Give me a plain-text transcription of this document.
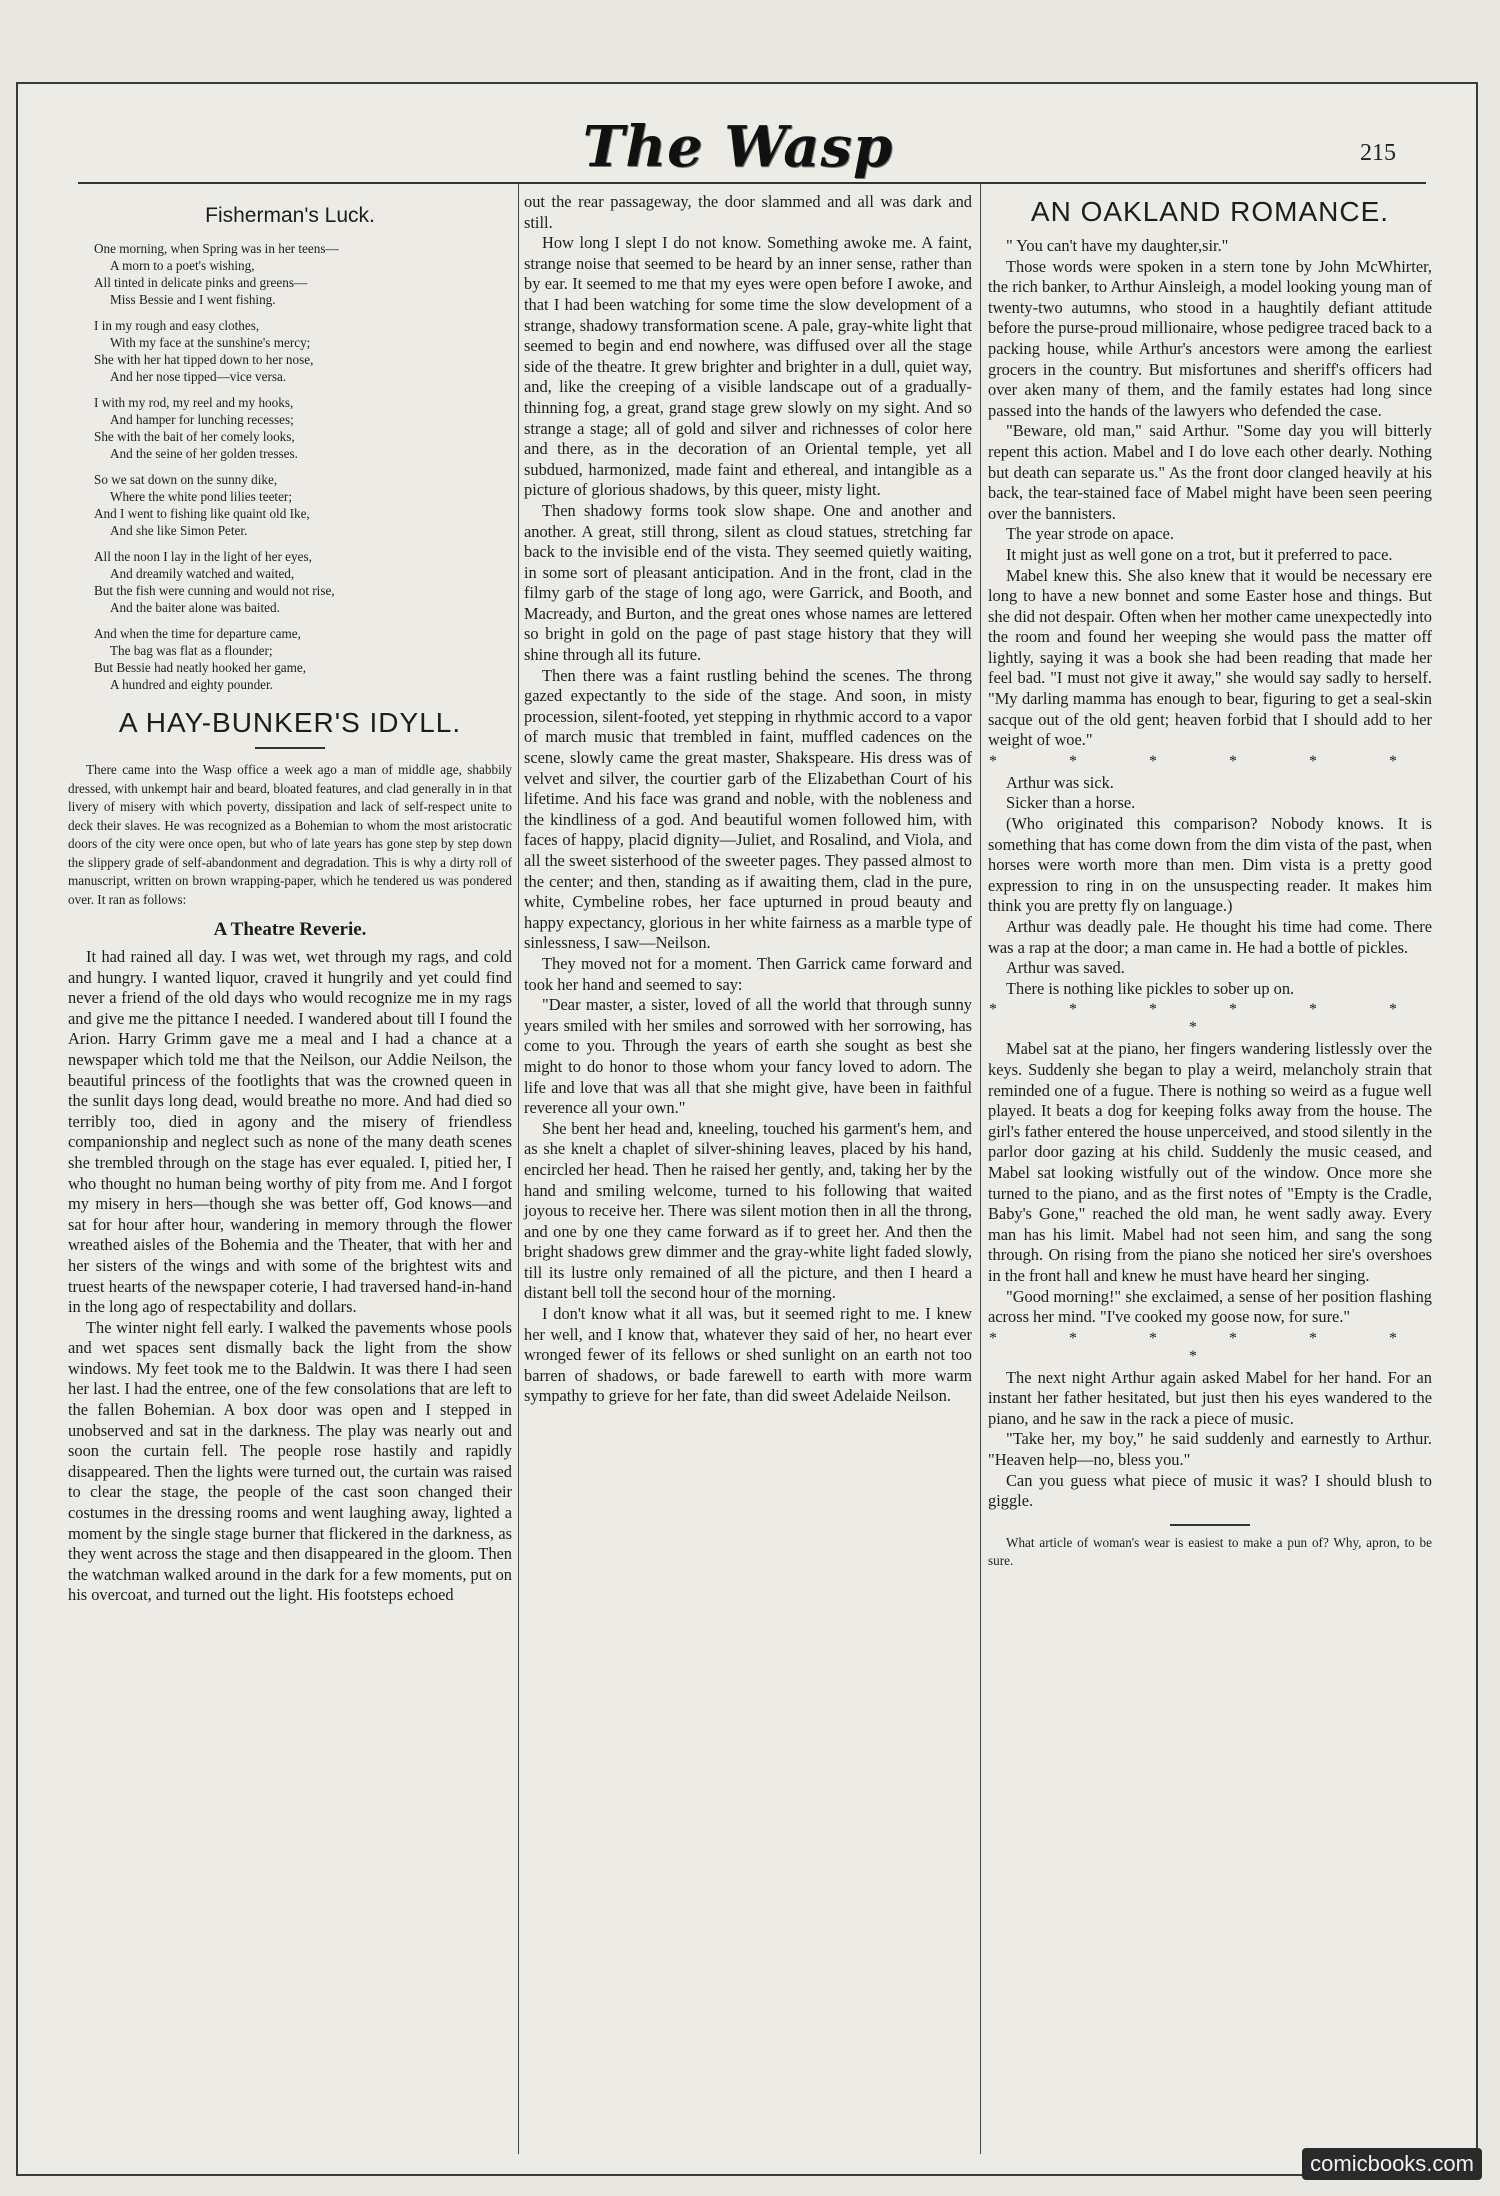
The Wasp	215
Fisherman's Luck.
One morning, when Spring was in her teens—
A morn to a poet's wishing,
All tinted in delicate pinks and greens—
Miss Bessie and I went fishing.
I in my rough and easy clothes,
With my face at the sunshine's mercy;
She with her hat tipped down to her nose,
And her nose tipped—vice versa.
I with my rod, my reel and my hooks,
And hamper for lunching recesses;
She with the bait of her comely looks,
And the seine of her golden tresses.
So we sat down on the sunny dike,
Where the white pond lilies teeter;
And I went to fishing like quaint old Ike,
And she like Simon Peter.
All the noon I lay in the light of her eyes,
And dreamily watched and waited,
But the fish were cunning and would not rise,
And the baiter alone was baited.
And when the time for departure came,
The bag was flat as a flounder;
But Bessie had neatly hooked her game,
A hundred and eighty pounder.
A HAY-BUNKER'S IDYLL.

There came into the Wasp office a week ago a man of middle age, shabbily dressed, with unkempt hair and beard, bloated features, and clad generally in in that livery of misery with which poverty, dissipation and lack of self-respect unite to deck their slaves. He was recognized as a Bohemian to whom the most aristocratic doors of the city were once open, but who of late years has gone step by step down the slippery grade of self-abandonment and degradation. This is why a dirty roll of manuscript, written on brown wrapping-paper, which he tendered us was pondered over. It ran as follows:

A Theatre Reverie.

It had rained all day. I was wet, wet through my rags, and cold and hungry. I wanted liquor, craved it hungrily and yet could find never a friend of the old days who would recognize me in my rags and give me the pittance I needed. I wandered about till I found the Arion. Harry Grimm gave me a meal and I had a chance at a newspaper which told me that the Neilson, our Addie Neilson, the beautiful princess of the footlights that was the crowned queen in the sunlit days long dead, would breathe no more. And had died so terribly too, died in agony and the misery of friendless companionship and neglect such as none of the many death scenes she trembled through on the stage has ever equaled. I, pitied her, I who thought no human being worthy of pity from me. And I forgot my misery in hers—though she was better off, God knows—and sat for hour after hour, wandering in memory through the flower wreathed aisles of the Bohemia and the Theater, that with her and her sisters of the wings and with some of the brightest wits and truest hearts of the newspaper coterie, I had traversed hand-in-hand in the long ago of respectability and dollars.

The winter night fell early. I walked the pavements whose pools and wet spaces sent dismally back the light from the show windows. My feet took me to the Baldwin. It was there I had seen her last. I had the entree, one of the few consolations that are left to the fallen Bohemian. A box door was open and I stepped in unobserved and sat in the darkness. The play was nearly out and soon the curtain fell. The people rose hastily and rapidly disappeared. Then the lights were turned out, the curtain was raised to clear the stage, the people of the cast soon changed their costumes in the dressing rooms and went laughing away, lighted a moment by the single stage burner that flickered in the darkness, as they went across the stage and then disappeared in the gloom. Then the watchman walked around in the dark for a few moments, put on his overcoat, and turned out the light. His footsteps echoed

out the rear passageway, the door slammed and all was dark and still.

How long I slept I do not know. Something awoke me. A faint, strange noise that seemed to be heard by an inner sense, rather than by ear. It seemed to me that my eyes were open before I awoke, and that I had been watching for some time the slow development of a strange, shadowy transformation scene. A pale, gray-white light that seemed to begin and end nowhere, was diffused over all the stage side of the theatre. It grew brighter and brighter in a dull, quiet way, and, like the creeping of a visible landscape out of a gradually-thinning fog, a great, grand stage grew slowly on my sight. And so strange a stage; all of gold and silver and richnesses of color here and there, as in the decoration of an Oriental temple, yet all subdued, harmonized, made faint and ethereal, and intangible as a picture of glorious shadows, by this queer, misty light.

Then shadowy forms took slow shape. One and another and another. A great, still throng, silent as cloud statues, stretching far back to the invisible end of the vista. They seemed quietly waiting, in some sort of pleasant anticipation. And in the front, clad in the filmy garb of the stage of long ago, were Garrick, and Booth, and Macready, and Burton, and the great ones whose names are lettered so bright in gold on the page of past stage history that they will shine through all its future.

Then there was a faint rustling behind the scenes. The throng gazed expectantly to the side of the stage. And soon, in misty procession, silent-footed, yet stepping in rhythmic accord to a vapor of march music that trembled in faint, muffled cadences on the scene, slowly came the great master, Shakspeare. His dress was of velvet and silver, the courtier garb of the Elizabethan Court of his lifetime. And his face was grand and noble, with the nobleness and the kindliness of a god. And beautiful women followed him, with faces of happy, placid dignity—Juliet, and Rosalind, and Viola, and all the sweet sisterhood of the sweeter pages. They passed almost to the center; and then, standing as if awaiting them, clad in the pure, white, Cymbeline robes, her face upturned in proud beauty and happy expectancy, glorious in her white fairness as a marble type of sinlessness, I saw—Neilson.

They moved not for a moment. Then Garrick came forward and took her hand and seemed to say:

"Dear master, a sister, loved of all the world that through sunny years smiled with her smiles and sorrowed with her sorrowing, has come to you. Through the years of earth she sought as best she might to do honor to those whom your fancy loved to adorn. The life and love that was all that she might give, have been in faithful reverence all your own."

She bent her head and, kneeling, touched his garment's hem, and as she knelt a chaplet of silver-shining leaves, placed by his hand, encircled her head. Then he raised her gently, and, taking her by the hand and smiling welcome, turned to his following that waited joyous to receive her. There was silent motion then in all the throng, and one by one they came forward as if to greet her. And then the bright shadows grew dimmer and the gray-white light faded slowly, till its lustre only remained of all the picture, and then I heard a distant bell toll the second hour of the morning.

I don't know what it all was, but it seemed right to me. I knew her well, and I know that, whatever they said of her, no heart ever wronged fewer of its fellows or shed sunlight on an earth not too barren of shadows, or bade farewell to earth with more warm sympathy to grieve for her fate, than did sweet Adelaide Neilson.

AN OAKLAND ROMANCE.

" You can't have my daughter,sir."

Those words were spoken in a stern tone by John McWhirter, the rich banker, to Arthur Ainsleigh, a model looking young man of twenty-two autumns, who stood in a haughtily defiant attitude before the purse-proud millionaire, whose pedigree traced back to a packing house, while Arthur's ancestors were among the earliest grocers in the country. But misfortunes and sheriff's officers had over aken many of them, and the family estates had long since passed into the hands of the lawyers who defended the case.

"Beware, old man," said Arthur. "Some day you will bitterly repent this action. Mabel and I do love each other dearly. Nothing but death can separate us." As the front door clanged heavily at his back, the tear-stained face of Mabel might have been seen peering over the bannisters.

The year strode on apace.

It might just as well gone on a trot, but it preferred to pace.

Mabel knew this. She also knew that it would be necessary ere long to have a new bonnet and some Easter hose and things. But she did not despair. Often when her mother came unexpectedly into the room and found her weeping she would pass the matter off lightly, saying it was a book she had been reading that made her feel bad. "I must not give it away," she would say sadly to herself. "My darling mamma has enough to bear, figuring to get a seal-skin sacque out of the old gent; heaven forbid that I should add to her weight of woe."

* * * * * *

Arthur was sick.

Sicker than a horse.

(Who originated this comparison? Nobody knows. It is something that has come down from the dim vista of the past, when horses were worth more than men. Dim vista is a pretty good expression to ring in on the unsuspecting reader. It makes him think you are pretty fly on language.)

Arthur was deadly pale. He thought his time had come. There was a rap at the door; a man came in. He had a bottle of pickles.

Arthur was saved.

There is nothing like pickles to sober up on.

* * * * * * *

Mabel sat at the piano, her fingers wandering listlessly over the keys. Suddenly she began to play a weird, melancholy strain that reminded one of a fugue. There is nothing so weird as a fugue well played. It beats a dog for keeping folks away from the house. The girl's father entered the house unperceived, and stood silently in the parlor door gazing at his child. Suddenly the music ceased, and Mabel sat looking wistfully out of the window. Once more she turned to the piano, and as the first notes of "Empty is the Cradle, Baby's Gone," reached the old man, he went sadly away. Every man has his limit. Mabel had not seen him, and sang the song through. On rising from the piano she noticed her sire's overshoes in the front hall and knew he must have heard her singing.

"Good morning!" she exclaimed, a sense of her position flashing across her mind. "I've cooked my goose now, for sure."

* * * * * * *

The next night Arthur again asked Mabel for her hand. For an instant her father hesitated, but just then his eyes wandered to the piano, and he saw in the rack a piece of music.

"Take her, my boy," he said suddenly and earnestly to Arthur. "Heaven help—no, bless you."

Can you guess what piece of music it was? I should blush to giggle.

What article of woman's wear is easiest to make a pun of? Why, apron, to be sure.

comicbooks.com
